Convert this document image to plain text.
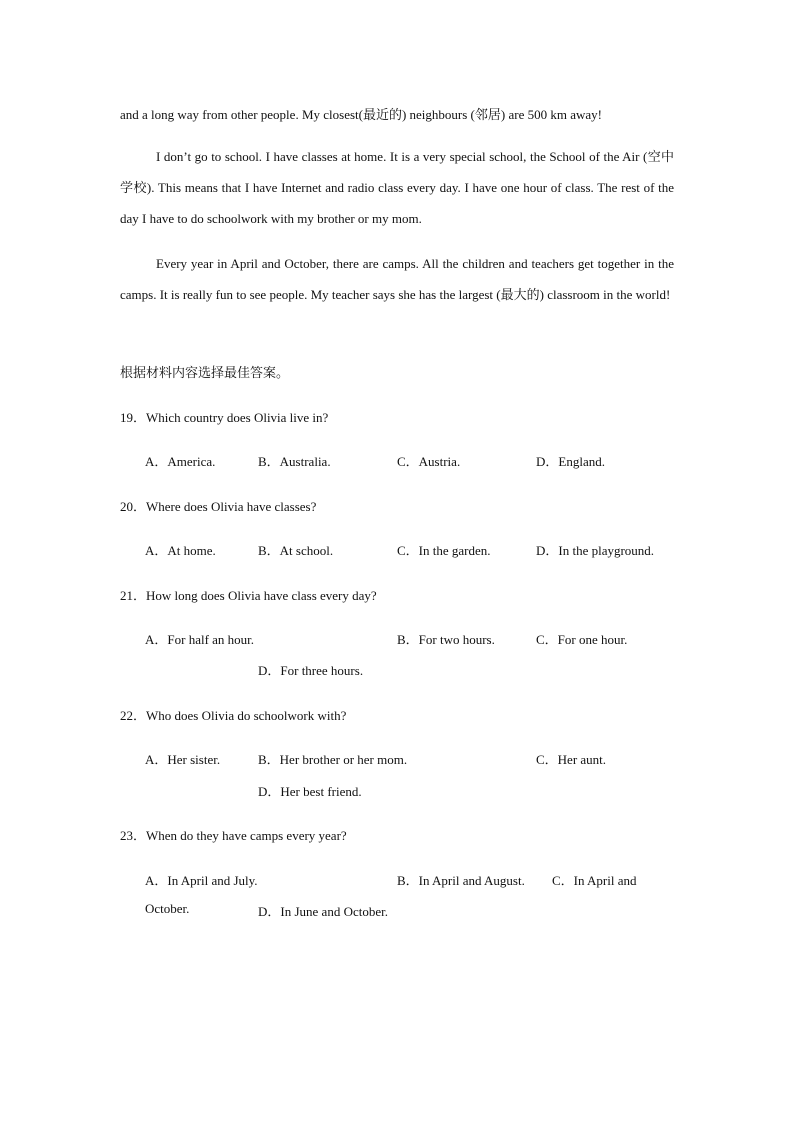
and a long way from other people. My closest(最近的) neighbours (邻居) are 500 km away!
I don’t go to school. I have classes at home. It is a very special school, the School of the Air (空中学校). This means that I have Internet and radio class every day. I have one hour of class. The rest of the day I have to do schoolwork with my brother or my mom.
Every year in April and October, there are camps. All the children and teachers get together in the camps. It is really fun to see people. My teacher says she has the largest (最大的) classroom in the world!
根据材料内容选择最佳答案。
19．Which country does Olivia live in?
A．America.	B．Australia.	C．Austria.	D．England.
20．Where does Olivia have classes?
A．At home.	B．At school.	C．In the garden.	D．In the playground.
21．How long does Olivia have class every day?
A．For half an hour.	B．For two hours.	C．For one hour.
D．For three hours.
22．Who does Olivia do schoolwork with?
A．Her sister.	B．Her brother or her mom.	C．Her aunt.
D．Her best friend.
23．When do they have camps every year?
A．In April and July.	B．In April and August. C．In April and
October.	D．In June and October.
